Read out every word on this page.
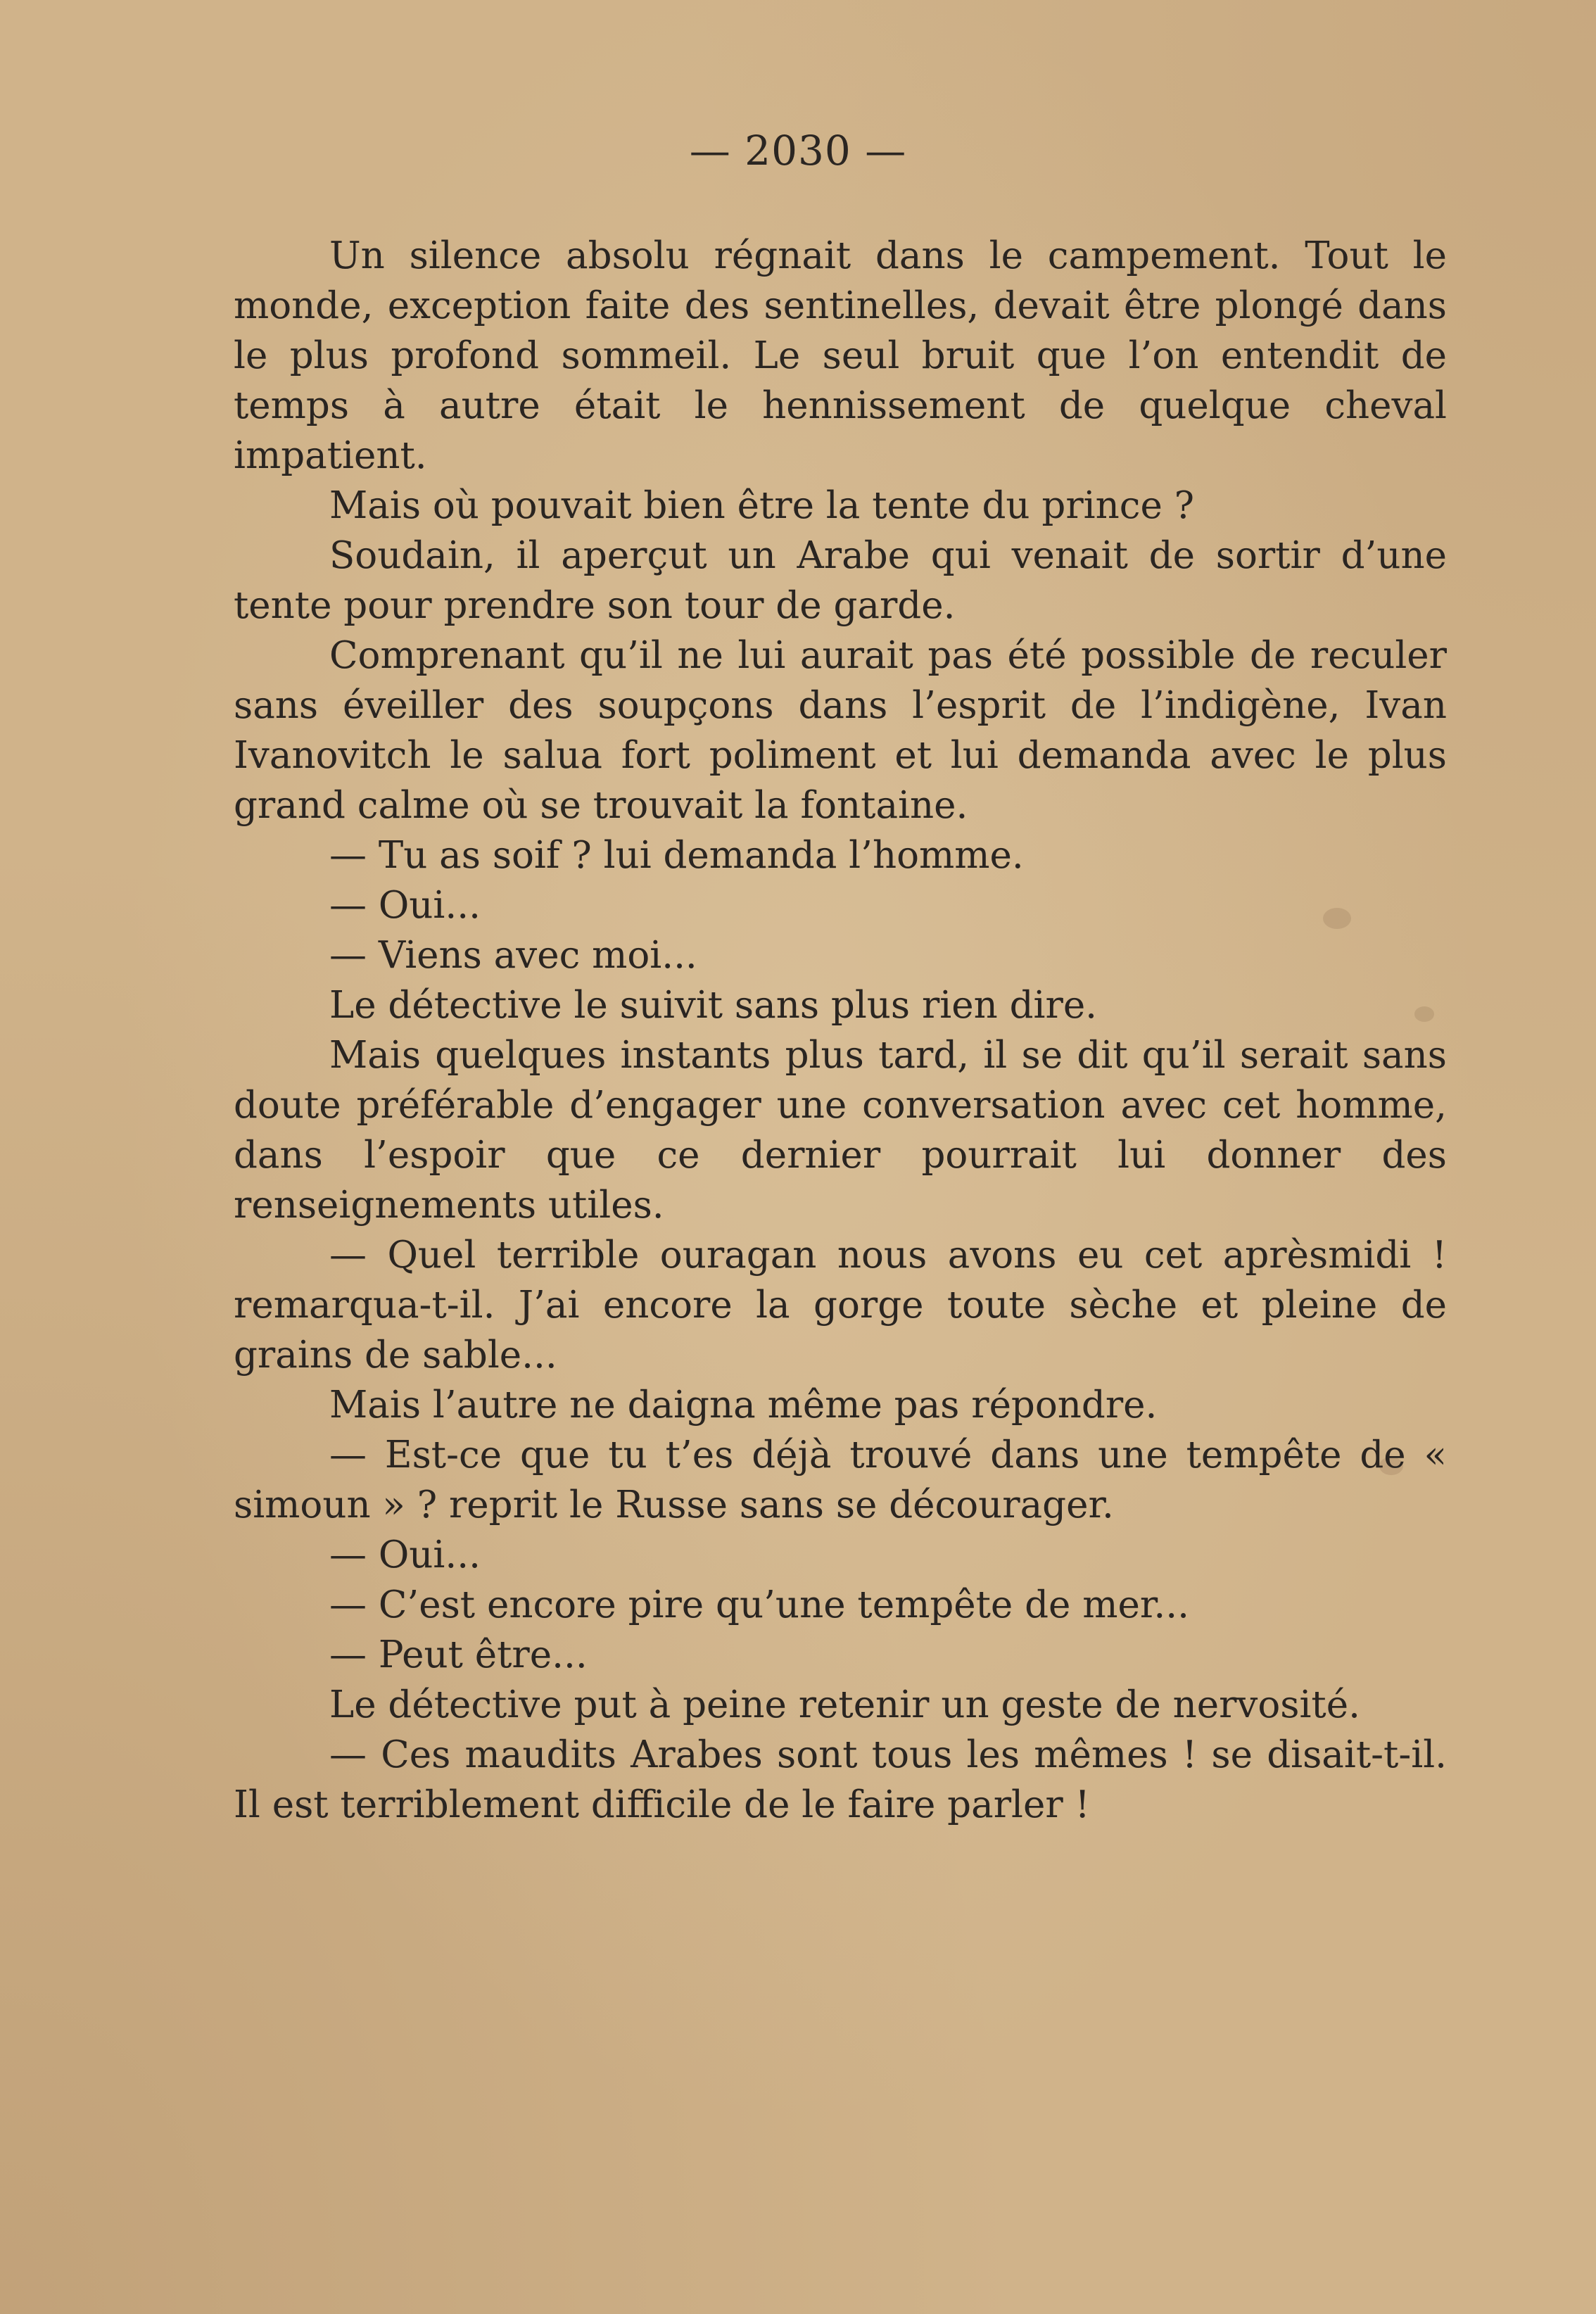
— 2030 —

Un silence absolu régnait dans le campement. Tout le monde, exception faite des sentinelles, devait être plongé dans le plus profond sommeil. Le seul bruit que l’on entendit de temps à autre était le hennissement de quelque cheval impatient.

Mais où pouvait bien être la tente du prince ?

Soudain, il aperçut un Arabe qui venait de sortir d’une tente pour prendre son tour de garde.

Comprenant qu’il ne lui aurait pas été possible de reculer sans éveiller des soupçons dans l’esprit de l’indigène, Ivan Ivanovitch le salua fort poliment et lui demanda avec le plus grand calme où se trouvait la fontaine.

— Tu as soif ? lui demanda l’homme.

— Oui...

— Viens avec moi...

Le détective le suivit sans plus rien dire.

Mais quelques instants plus tard, il se dit qu’il serait sans doute préférable d’engager une conversation avec cet homme, dans l’espoir que ce dernier pourrait lui donner des renseignements utiles.

— Quel terrible ouragan nous avons eu cet aprèsmidi ! remarqua-t-il. J’ai encore la gorge toute sèche et pleine de grains de sable...

Mais l’autre ne daigna même pas répondre.

— Est-ce que tu t’es déjà trouvé dans une tempête de « simoun » ? reprit le Russe sans se décourager.

— Oui...

— C’est encore pire qu’une tempête de mer...

— Peut être...

Le détective put à peine retenir un geste de nervosité.

— Ces maudits Arabes sont tous les mêmes ! se disait-t-il. Il est terriblement difficile de le faire parler !
